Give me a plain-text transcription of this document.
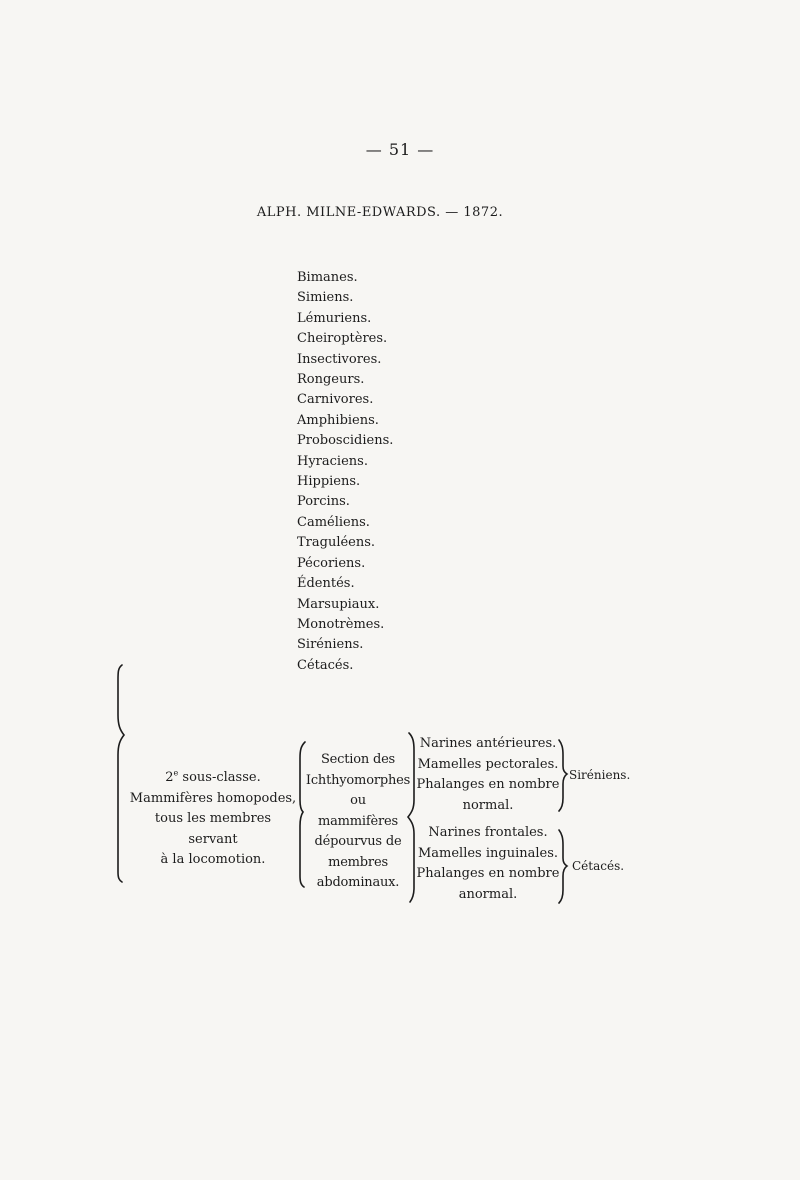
— 51 —
ALPH. MILNE-EDWARDS. — 1872.
Bimanes.
Simiens.
Lémuriens.
Cheiroptères.
Insectivores.
Rongeurs.
Carnivores.
Amphibiens.
Proboscidiens.
Hyraciens.
Hippiens.
Porcins.
Caméliens.
Traguléens.
Pécoriens.
Édentés.
Marsupiaux.
Monotrèmes.
Siréniens.
Cétacés.
2e sous-classe.
Mammifères homopodes,
tous les membres
servant
à la locomotion.
Section des
Ichthyomorphes
ou
mammifères
dépourvus de
membres
abdominaux.
Narines antérieures.
Mamelles pectorales.
Phalanges en nombre
normal.
Narines frontales.
Mamelles inguinales.
Phalanges en nombre
anormal.
Siréniens.
Cétacés.
